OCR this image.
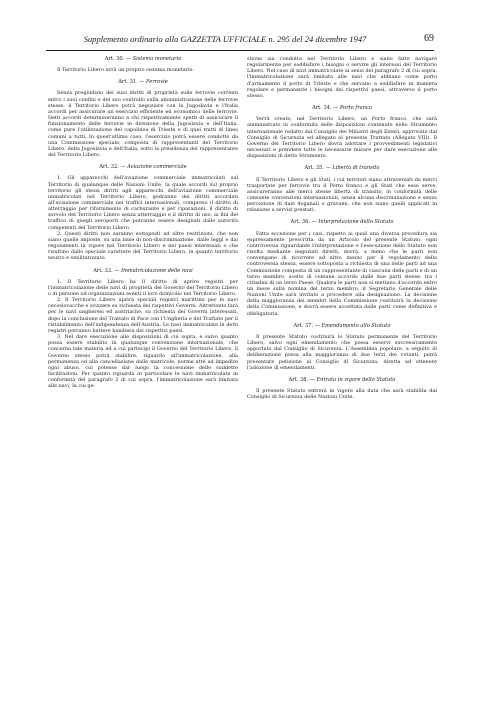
Supplemento ordinario alla GAZZETTA UFFICIALE n. 295 del 24 dicembre 1947	69
Art. 30. — Sistema monetario

Il Territorio Libero avrà un proprio sistema monetario.

Art. 31. — Ferrovie

Senza pregiudizio dei suoi diritti di proprietà sulle ferrovie correnti entro i suoi confini e del suo controllo sulla amministrazione delle ferrovie stesse, il Territorio Libero potrà negoziare con la Jugoslavia e l'Italia accordi per assicurare un esercizio efficiente ed economico delle ferrovie. Detti accordi determineranno a chi rispettivamente spetti di assicurare il funzionamento delle ferrovie in direzione della Jugoslavia e dell'Italia, come pure l'utilizzazione del capolinea di Trieste e di quei tratti di linea comuni a tutti. In quest'ultimo caso, l'esercizio potrà essere condotto da una Commissione speciale, composta di rappresentanti del Territorio Libero, della Jugoslavia e dell'Italia, sotto la presidenza del rappresentante del Territorio Libero.

Art. 32. — Aviazione commerciale

1. Gli apparecchi dell'aviazione commerciale immatricolati sul Territorio di qualunque delle Nazioni Unite, la quale accordi sul proprio territorio gli stessi diritti agli apparecchi dell'aviazione commerciale immatricolati nel Territorio Libero, godranno dei diritti accordati all'aviazione commerciale nei traffici internazionali, compreso il diritto di atterraggio per rifornimento di carburante e per riparazioni, il diritto di sorvolo del Territorio Libero senza atterraggio e il diritto di uso, ai fini del traffico di quegli aeroporti che potranno essere designati dalle autorità competenti del Territorio Libero.

2. Questi diritti non saranno sottoposti ad altre restrizioni, che non siano quelle imposte, su una base di non-discriminazione, dalle leggi e dai regolamenti in vigore nel Territorio Libero e nei paesi interessati o che risultino dallo speciale carattere del Territorio Libero, in quanto territorio neutro e smilitarizzato.

Art. 33. — Immatricolazione delle navi

1. Il Territorio Libero ha il diritto di aprire registri per l'immatricolazione delle navi di proprietà del Governo del Territorio Libero o di persone od organizzazioni aventi il loro domicilio nel Territorio Libero.

2. Il Territorio Libero aprirà speciali registri marittimi per le navi cecoslovacche e svizzere su richiesta dei rispettivi Governi. Altrettanto farà per le navi ungheresi ed austriache, su richiesta dei Governi interessati, dopo la conclusione del Trattato di Pace con l'Ungheria e del Trattato per il ristabilimento dell'indipendenza dell'Austria. Le navi immatricolate in detti registri potranno battere bandiera dei rispettivi paesi.

3. Nel dare esecuzione alle disposizioni di cui sopra, e salvo quanto possa essere stabilito in qualunque convenzione internazionale, che concerna tale materia ed a cui partecipi il Governo del Territorio Libero, il Governo stesso potrà stabilire, riguardo all'immatricolazione, alla permanenza od alla cancellazione dalle matricole, norme atte ad impedire ogni abuso, cui potesse dar luogo la concessione delle suddette facilitazioni. Per quanto riguarda in particolare le navi immatricolate in conformità del paragrafo 2 di cui sopra, l'immatricolazione sarà limitata alle navi, la cui ge-

stione sia condotta nel Territorio Libero e siano fatte navigare regolarmente per soddisfare i bisogni o servire gli interessi del Territorio Libero. Nel caso di navi immatricolate ai sensi del paragrafo 2 di cui sopra, l'immatricolazione sarà limitata alle navi che abbiano come porto d'armamento il porto di Trieste e che servano a soddisfare in maniera regolare e permanente i bisogni dei rispettivi paesi, attraverso il porto stesso.

Art. 34. — Porto franco

Verrà creato, nel Territorio Libero, un Porto franco, che sarà amministrato in conformità delle disposizioni contenute nello Strumento internazionale redatto dal Consiglio dei Ministri degli Esteri, approvato dal Consiglio di Sicurezza ed allegato al presente Trattato (Allegato VIII). Il Governo del Territorio Libero dovrà adottare i provvedimenti legislativi necessari e prendere tutte le necessarie misure per dare esecuzione alle disposizioni di detto Strumento.

Art. 35. — Libertà di transito

Il Territorio Libero e gli Stati, i cui territori siano attraversati da merci trasportate per ferrovie tra il Porto franco e gli Stati che esso serve, assicureranno alle merci stesse libertà di transito, in conformità delle consuete convenzioni internazionali, senza alcuna discriminazione e senza percezione di dazi doganali o gravami, che non siano quelli applicati in relazione a servizi prestati.

Art. 36. — Interpretazione dello Statuto

Fatta eccezione per i casi, rispetto ai quali una diversa procedura sia espressamente prescritta da un Articolo del presente Statuto, ogni controversia riguardante l'interpretazione o l'esecuzione dello Statuto non risolta mediante negoziati diretti, dovrà, a meno che le parti non convengano di ricorrere ad altro mezzo per il regolamento della controversia stessa, essere sottoposta a richiesta di una delle parti ad una Commissione composta di un rappresentante di ciascuna delle parti e di un terzo membro, scelto di comune accordo dalle due parti stesse, tra i cittadini di un terzo Paese. Qualora le parti non si mettano d'accordo entro un mese sulla nomina del terzo membro, il Segretario Generale delle Nazioni Unite sarà invitato a procedere alla designazione. La decisione della maggioranza dei membri della Commissione costituirà la decisione della Commissione, e dovrà essere accettata dalle parti come definitiva e obbligatoria.

Art. 37. — Emendamento allo Statuto

Il presente Statuto costituirà lo Statuto permanente del Territorio Libero, salvo ogni emendamento che possa esservi successivamente apportato dal Consiglio di Sicurezza. L'Assemblea popolare, a seguito di deliberazione presa alla maggioranza di due terzi dei votanti, potrà presentare petizione al Consiglio di Sicurezza, diretta ad ottenere l'adozione di emendamenti.

Art. 38. — Entrata in vigore dello Statuto

Il presente Statuto entrerà in vigore alla data che sarà stabilita dal Consiglio di Sicurezza delle Nazioni Unite.
